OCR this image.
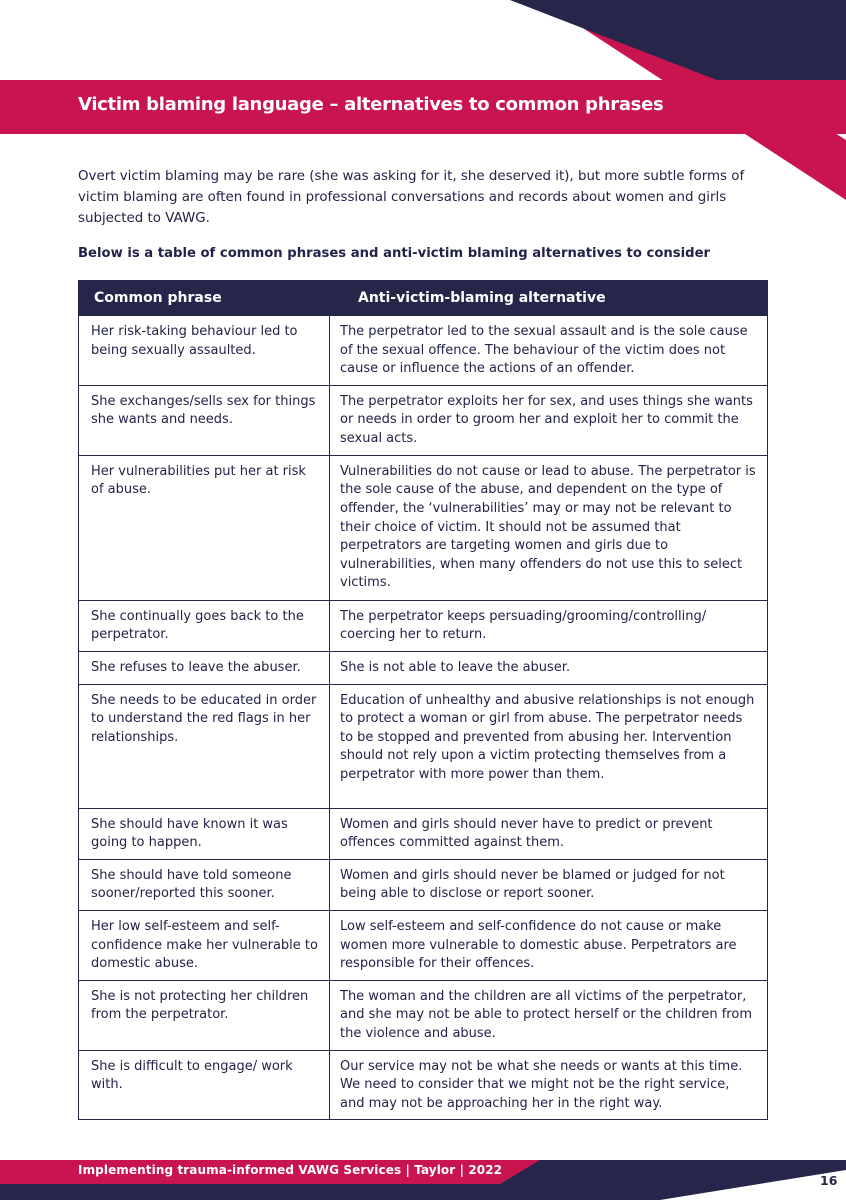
Victim blaming language – alternatives to common phrases

Overt victim blaming may be rare (she was asking for it, she deserved it), but more subtle forms of victim blaming are often found in professional conversations and records about women and girls subjected to VAWG.

Below is a table of common phrases and anti-victim blaming alternatives to consider

Common phrase	Anti-victim-blaming alternative
Her risk-taking behaviour led to being sexually assaulted.	The perpetrator led to the sexual assault and is the sole cause of the sexual offence. The behaviour of the victim does not cause or influence the actions of an offender.
She exchanges/sells sex for things she wants and needs.	The perpetrator exploits her for sex, and uses things she wants or needs in order to groom her and exploit her to commit the sexual acts.
Her vulnerabilities put her at risk of abuse.	Vulnerabilities do not cause or lead to abuse. The perpetrator is the sole cause of the abuse, and dependent on the type of offender, the ‘vulnerabilities’ may or may not be relevant to their choice of victim. It should not be assumed that perpetrators are targeting women and girls due to vulnerabilities, when many offenders do not use this to select victims.
She continually goes back to the perpetrator.	The perpetrator keeps persuading/grooming/controlling/ coercing her to return.
She refuses to leave the abuser.	She is not able to leave the abuser.
She needs to be educated in order to understand the red flags in her relationships.	Education of unhealthy and abusive relationships is not enough to protect a woman or girl from abuse. The perpetrator needs to be stopped and prevented from abusing her. Intervention should not rely upon a victim protecting themselves from a perpetrator with more power than them.
She should have known it was going to happen.	Women and girls should never have to predict or prevent offences committed against them.
She should have told someone sooner/reported this sooner.	Women and girls should never be blamed or judged for not being able to disclose or report sooner.
Her low self-esteem and self-confidence make her vulnerable to domestic abuse.	Low self-esteem and self-confidence do not cause or make women more vulnerable to domestic abuse. Perpetrators are responsible for their offences.
She is not protecting her children from the perpetrator.	The woman and the children are all victims of the perpetrator, and she may not be able to protect herself or the children from the violence and abuse.
She is difficult to engage/ work with.	Our service may not be what she needs or wants at this time. We need to consider that we might not be the right service, and may not be approaching her in the right way.

Implementing trauma-informed VAWG Services | Taylor | 2022

16
